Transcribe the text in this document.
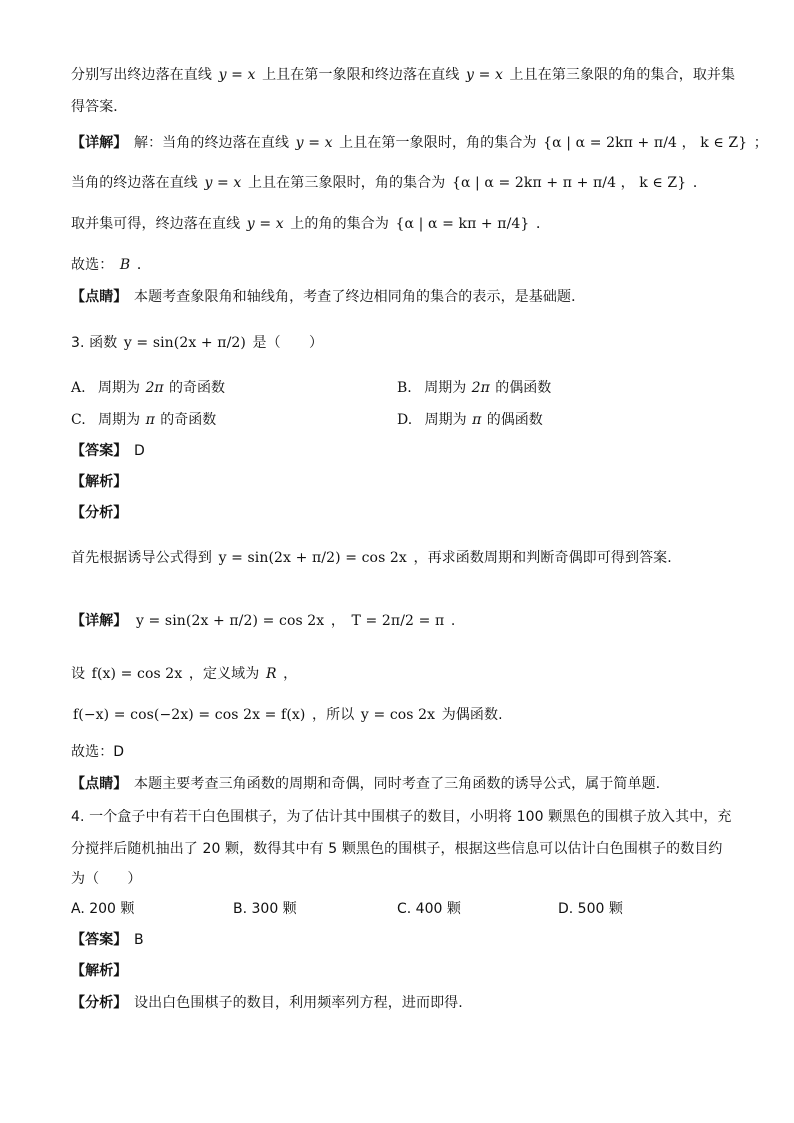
分别写出终边落在直线 y = x 上且在第一象限和终边落在直线 y = x 上且在第三象限的角的集合，取并集
得答案．
【详解】 解：当角的终边落在直线 y = x 上且在第一象限时，角的集合为 {α | α = 2kπ + π/4 ， k ∈ Z} ；
当角的终边落在直线 y = x 上且在第三象限时，角的集合为 {α | α = 2kπ + π + π/4 ， k ∈ Z} ．
取并集可得，终边落在直线 y = x 上的角的集合为 {α | α = kπ + π/4} ．
故选： B ．
【点睛】 本题考查象限角和轴线角，考查了终边相同角的集合的表示，是基础题．
3. 函数 y = sin(2x + π/2) 是（　　）
A. 周期为 2π 的奇函数	B. 周期为 2π 的偶函数
C. 周期为 π 的奇函数	D. 周期为 π 的偶函数
【答案】 D
【解析】
【分析】
首先根据诱导公式得到 y = sin(2x + π/2) = cos 2x ，再求函数周期和判断奇偶即可得到答案.
【详解】 y = sin(2x + π/2) = cos 2x ， T = 2π/2 = π .
设 f(x) = cos 2x ，定义域为 R ，
f(−x) = cos(−2x) = cos 2x = f(x) ，所以 y = cos 2x 为偶函数.
故选：D
【点睛】 本题主要考查三角函数的周期和奇偶，同时考查了三角函数的诱导公式，属于简单题.
4. 一个盒子中有若干白色围棋子，为了估计其中围棋子的数目，小明将 100 颗黑色的围棋子放入其中，充
分搅拌后随机抽出了 20 颗，数得其中有 5 颗黑色的围棋子，根据这些信息可以估计白色围棋子的数目约
为（　　）
A. 200 颗	B. 300 颗	C. 400 颗	D. 500 颗
【答案】 B
【解析】
【分析】 设出白色围棋子的数目，利用频率列方程，进而即得.
